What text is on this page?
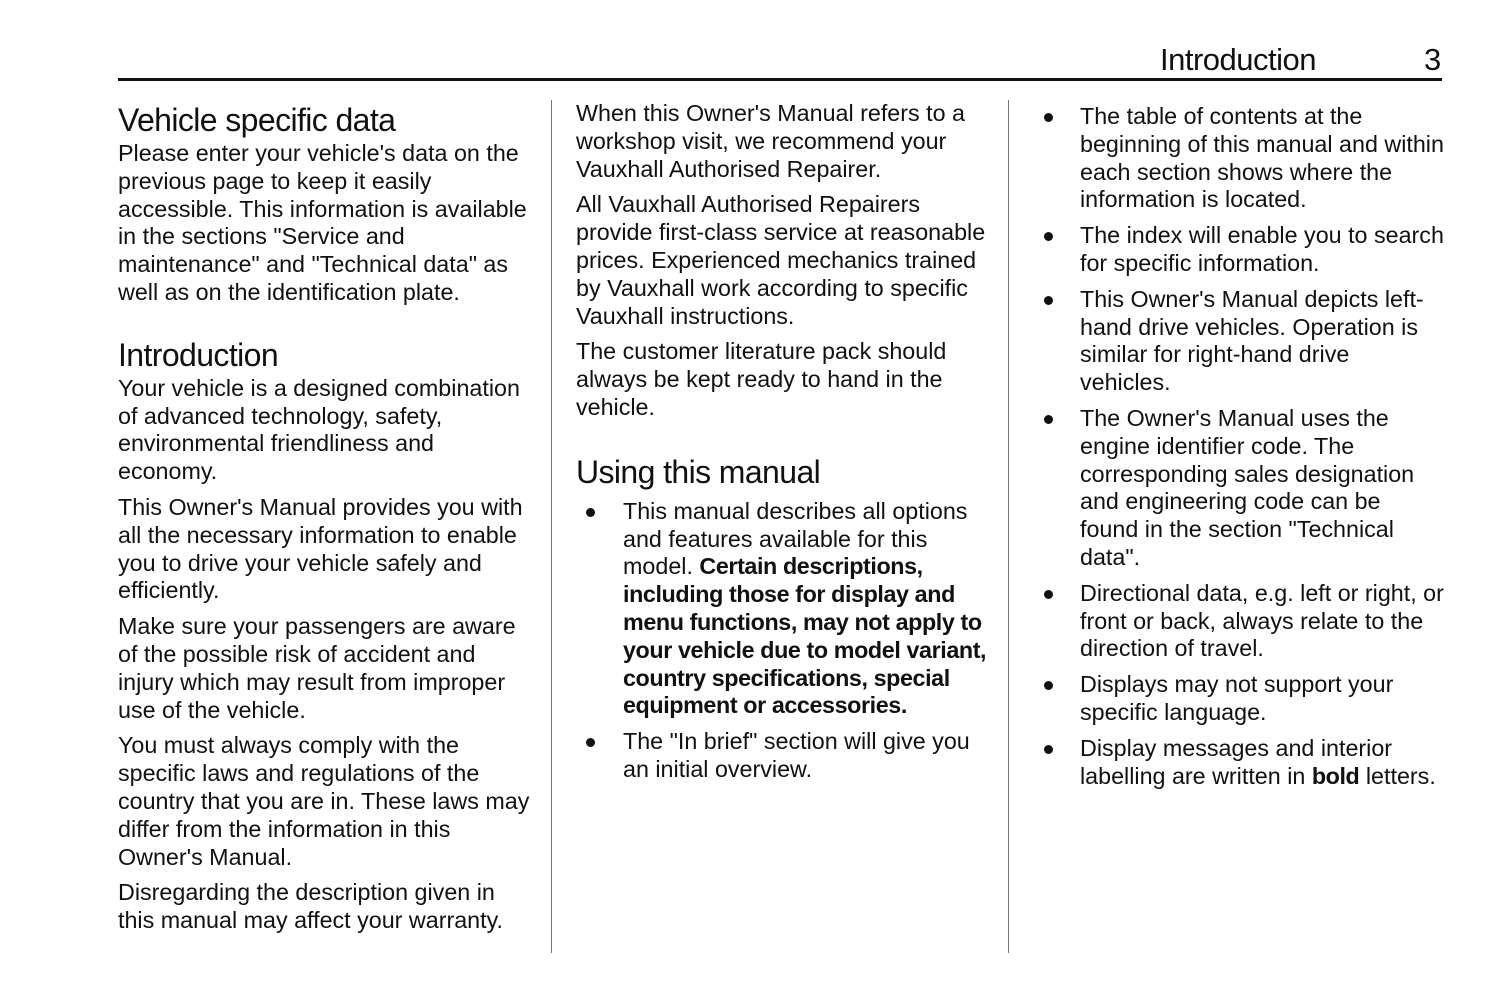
Introduction	3
Vehicle specific data

Please enter your vehicle's data on the previous page to keep it easily accessible. This information is available in the sections "Service and maintenance" and "Technical data" as well as on the identification plate.

Introduction

Your vehicle is a designed combination of advanced technology, safety, environmental friendliness and economy.

This Owner's Manual provides you with all the necessary information to enable you to drive your vehicle safely and efficiently.

Make sure your passengers are aware of the possible risk of accident and injury which may result from improper use of the vehicle.

You must always comply with the specific laws and regulations of the country that you are in. These laws may differ from the information in this Owner's Manual.

Disregarding the description given in this manual may affect your warranty.

When this Owner's Manual refers to a workshop visit, we recommend your Vauxhall Authorised Repairer.

All Vauxhall Authorised Repairers provide first-class service at reasonable prices. Experienced mechanics trained by Vauxhall work according to specific Vauxhall instructions.

The customer literature pack should always be kept ready to hand in the vehicle.

Using this manual
This manual describes all options and features available for this model. Certain descriptions, including those for display and menu functions, may not apply to your vehicle due to model variant, country specifications, special equipment or accessories.
The "In brief" section will give you an initial overview.
The table of contents at the beginning of this manual and within each section shows where the information is located.
The index will enable you to search for specific information.
This Owner's Manual depicts left-hand drive vehicles. Operation is similar for right-hand drive vehicles.
The Owner's Manual uses the engine identifier code. The corresponding sales designation and engineering code can be found in the section "Technical data".
Directional data, e.g. left or right, or front or back, always relate to the direction of travel.
Displays may not support your specific language.
Display messages and interior labelling are written in bold letters.
